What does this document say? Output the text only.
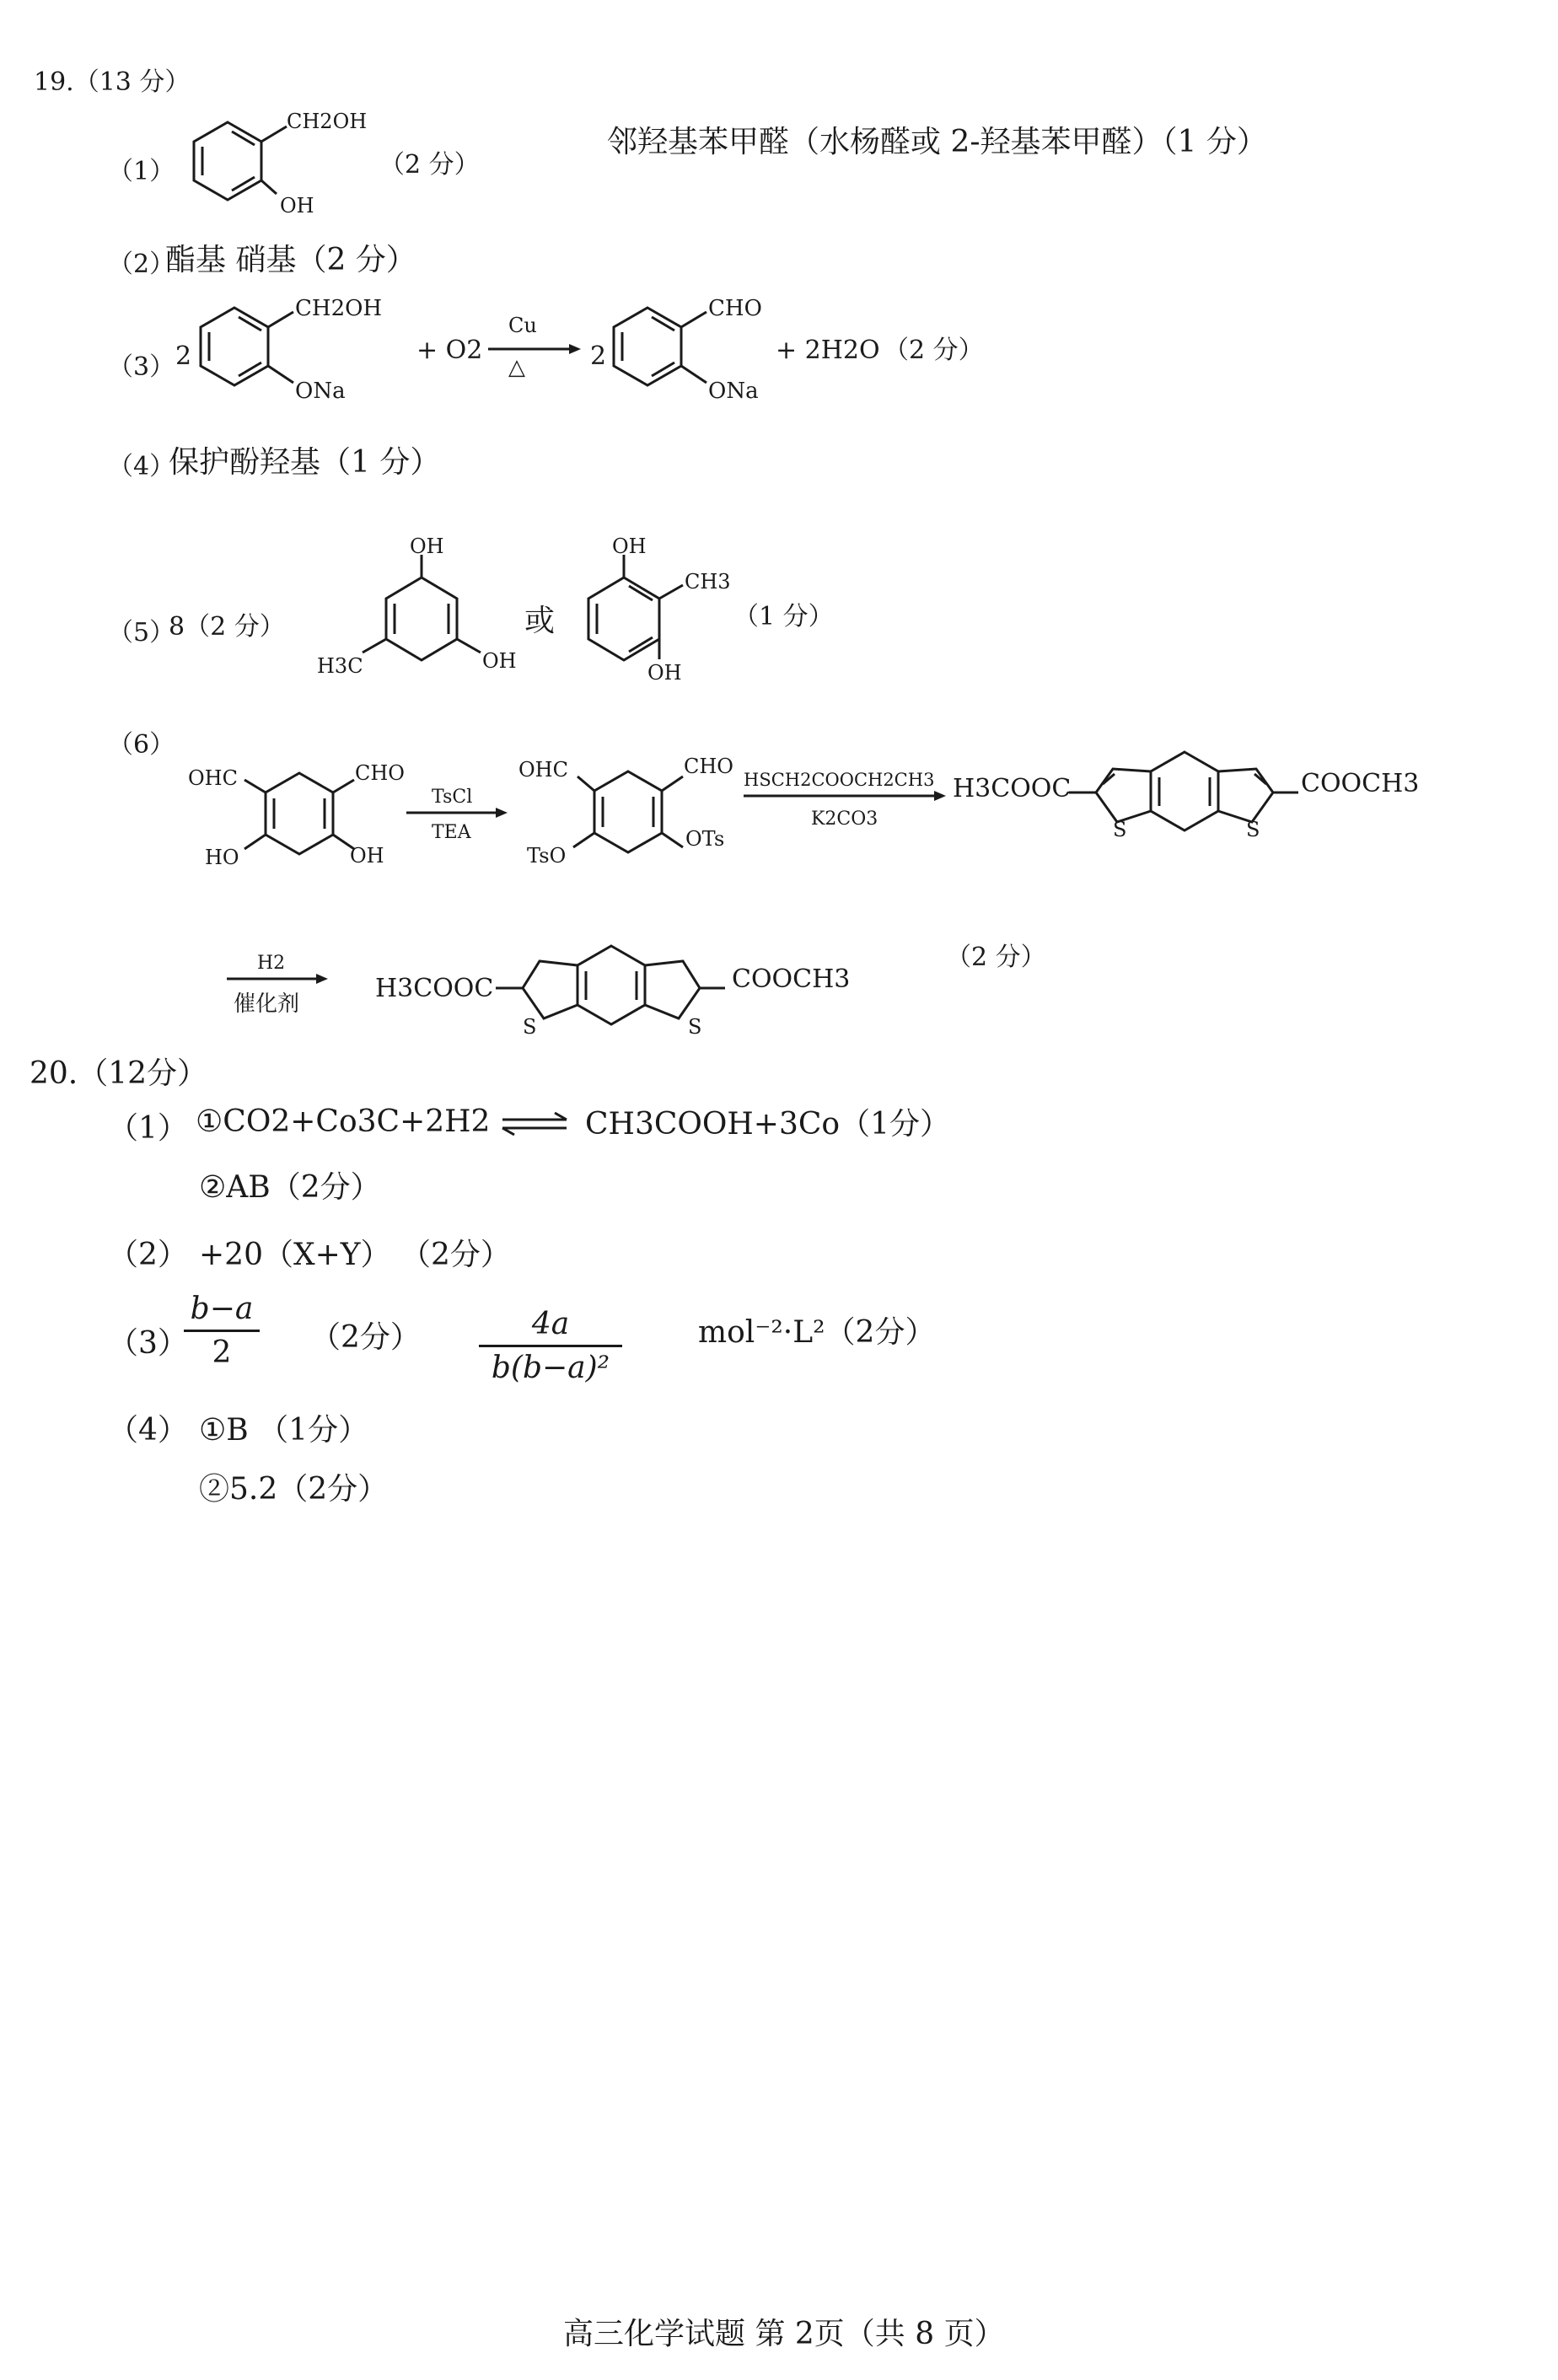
19.（13 分）
（1）
CH2OH
OH
（2 分）
邻羟基苯甲醛（水杨醛或 2-羟基苯甲醛）（1 分）
（2）
酯基 硝基（2 分）
（3） 2
CH2OH
ONa
+ O2
Cu
△	2
CHO
ONa
+ 2H2O （2 分）
（4）
保护酚羟基（1 分）
（5）
8（2 分）
OH
OH
H3C
或
OH
CH3
OH
（1 分）
（6）
OHC	CHO
HO	OH
TsCl
TEA
OHC	CHO
TsO
OTs
HSCH2COOCH2CH3
K2CO3
H3COOC
S	S
COOCH3
H2
催化剂
H3COOC
S	S
COOCH3
（2 分）
20.（12分）
（1） ①CO2+Co3C+2H2	CH3COOH+3Co（1分）
②AB（2分）
（2） +20（X+Y） （2分）
（3）
b−a
2	（2分）	4a
b(b−a)²
mol⁻²·L²（2分）
（4） ①B （1分）
②5.2（2分）
高三化学试题 第 2页（共 8 页）
